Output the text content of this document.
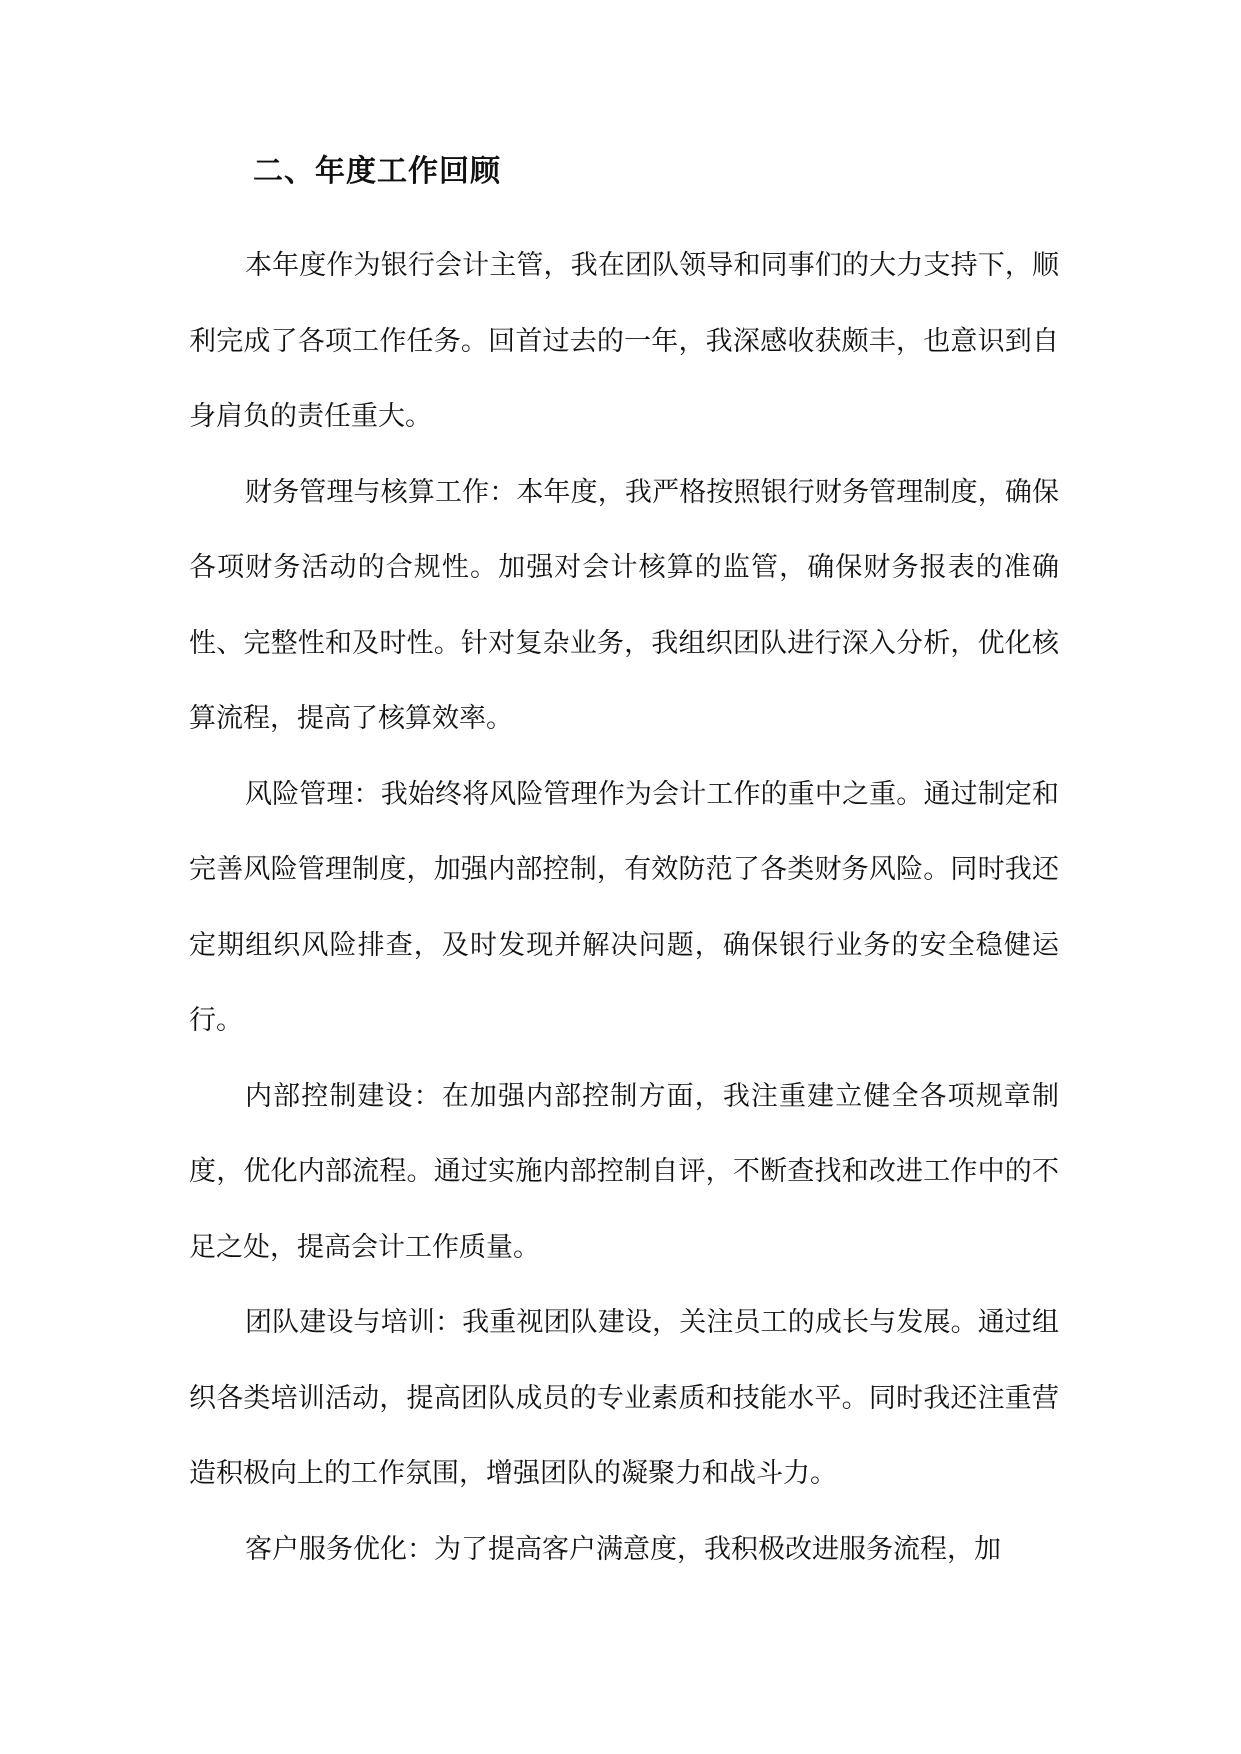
二、年度工作回顾

本年度作为银行会计主管，我在团队领导和同事们的大力支持下，顺利完成了各项工作任务。回首过去的一年，我深感收获颇丰，也意识到自身肩负的责任重大。

财务管理与核算工作：本年度，我严格按照银行财务管理制度，确保各项财务活动的合规性。加强对会计核算的监管，确保财务报表的准确性、完整性和及时性。针对复杂业务，我组织团队进行深入分析，优化核算流程，提高了核算效率。

风险管理：我始终将风险管理作为会计工作的重中之重。通过制定和完善风险管理制度，加强内部控制，有效防范了各类财务风险。同时我还定期组织风险排查，及时发现并解决问题，确保银行业务的安全稳健运行。

内部控制建设：在加强内部控制方面，我注重建立健全各项规章制度，优化内部流程。通过实施内部控制自评，不断查找和改进工作中的不足之处，提高会计工作质量。

团队建设与培训：我重视团队建设，关注员工的成长与发展。通过组织各类培训活动，提高团队成员的专业素质和技能水平。同时我还注重营造积极向上的工作氛围，增强团队的凝聚力和战斗力。

客户服务优化：为了提高客户满意度，我积极改进服务流程，加
